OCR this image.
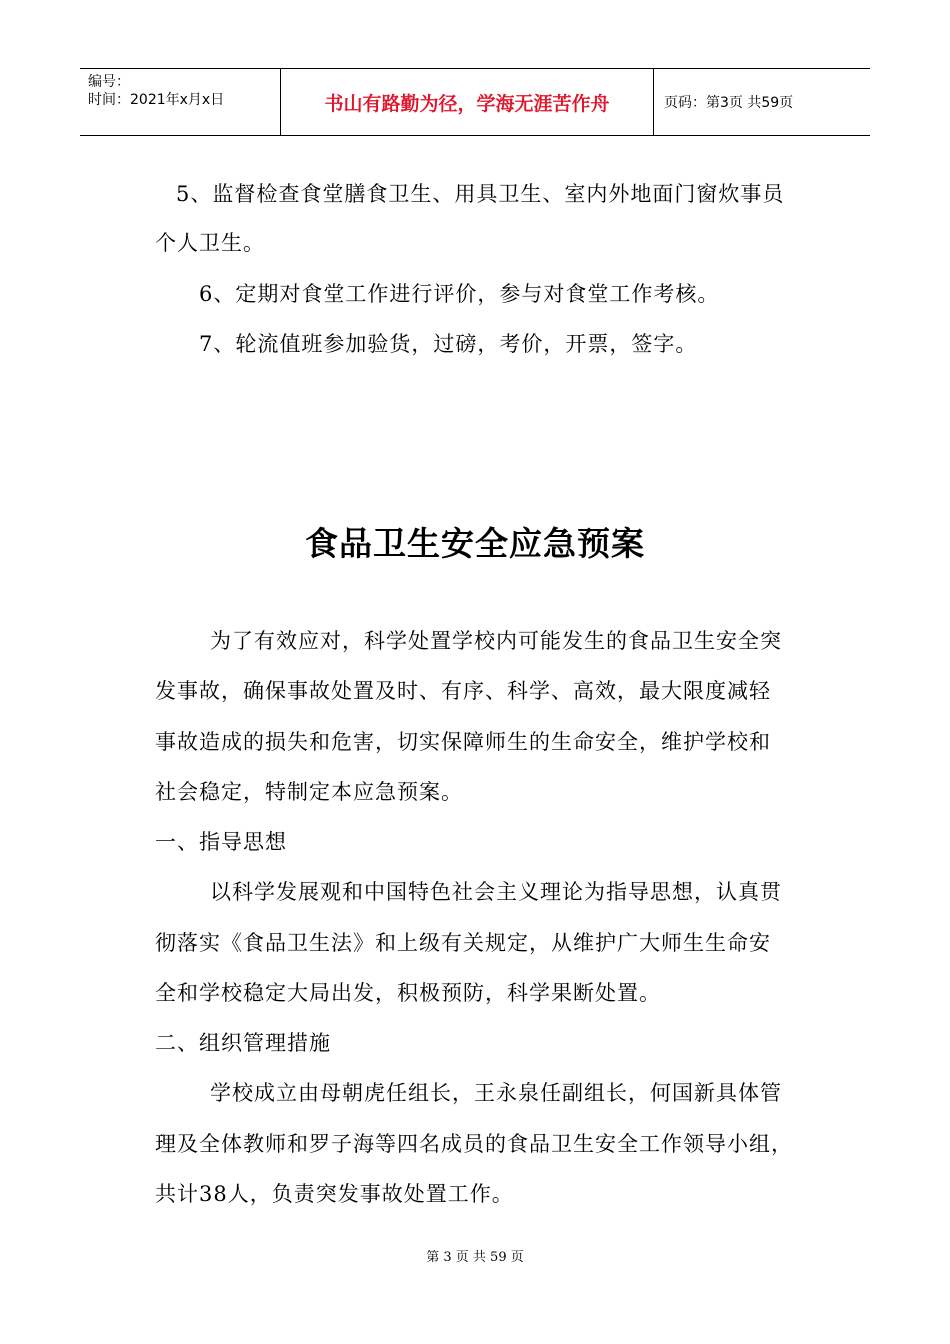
编号：
时间：2021年x月x日	书山有路勤为径，学海无涯苦作舟	页码：第3页 共59页
5、监督检查食堂膳食卫生、用具卫生、室内外地面门窗炊事员
个人卫生。
6、定期对食堂工作进行评价，参与对食堂工作考核。
7、轮流值班参加验货，过磅，考价，开票，签字。
食品卫生安全应急预案
为了有效应对，科学处置学校内可能发生的食品卫生安全突
发事故，确保事故处置及时、有序、科学、高效，最大限度减轻
事故造成的损失和危害，切实保障师生的生命安全，维护学校和
社会稳定，特制定本应急预案。
一、指导思想
以科学发展观和中国特色社会主义理论为指导思想，认真贯
彻落实《食品卫生法》和上级有关规定，从维护广大师生生命安
全和学校稳定大局出发，积极预防，科学果断处置。
二、组织管理措施
学校成立由母朝虎任组长，王永泉任副组长，何国新具体管
理及全体教师和罗子海等四名成员的食品卫生安全工作领导小组，
共计38人，负责突发事故处置工作。
第 3 页 共 59 页
